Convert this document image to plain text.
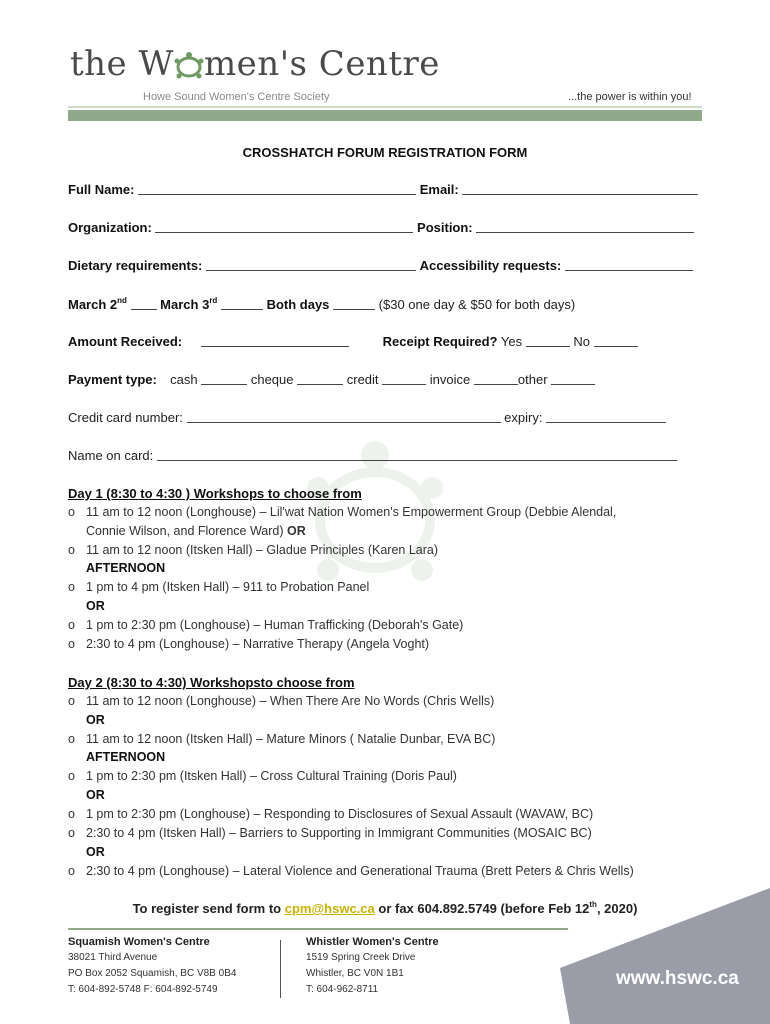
the W men's Centre
Howe Sound Women's Centre Society	...the power is within you!
CROSSHATCH FORUM REGISTRATION FORM
Full Name:	Email:
Organization:	Position:
Dietary requirements:	Accessibility requests:
March 2nd	March 3rd	Both days	($30 one day & $50 for both days)
Amount Received:	Receipt Required? Yes	No
Payment type: cash	cheque	credit	invoice	other
Credit card number:	expiry:
Name on card:
Day 1 (8:30 to 4:30 ) Workshops to choose from
o 11 am to 12 noon (Longhouse) – Lil'wat Nation Women's Empowerment Group (Debbie Alendal,
Connie Wilson, and Florence Ward) OR
o 11 am to 12 noon (Itsken Hall) – Gladue Principles (Karen Lara)
AFTERNOON
o 1 pm to 4 pm (Itsken Hall) – 911 to Probation Panel
OR
o 1 pm to 2:30 pm (Longhouse) – Human Trafficking (Deborah's Gate)
o 2:30 to 4 pm (Longhouse) – Narrative Therapy (Angela Voght)
Day 2 (8:30 to 4:30) Workshopsto choose from
o 11 am to 12 noon (Longhouse) – When There Are No Words (Chris Wells)
OR
o 11 am to 12 noon (Itsken Hall) – Mature Minors ( Natalie Dunbar, EVA BC)
AFTERNOON
o 1 pm to 2:30 pm (Itsken Hall) – Cross Cultural Training (Doris Paul)
OR
o 1 pm to 2:30 pm (Longhouse) – Responding to Disclosures of Sexual Assault (WAVAW, BC)
o 2:30 to 4 pm (Itsken Hall) – Barriers to Supporting in Immigrant Communities (MOSAIC BC)
OR
o 2:30 to 4 pm (Longhouse) – Lateral Violence and Generational Trauma (Brett Peters & Chris Wells)
To register send form to cpm@hswc.ca or fax 604.892.5749 (before Feb 12th, 2020)
Squamish Women's Centre
38021 Third Avenue
PO Box 2052 Squamish, BC V8B 0B4
T: 604-892-5748 F: 604-892-5749
Whistler Women's Centre
1519 Spring Creek Drive
Whistler, BC V0N 1B1
T: 604-962-8711
www.hswc.ca
